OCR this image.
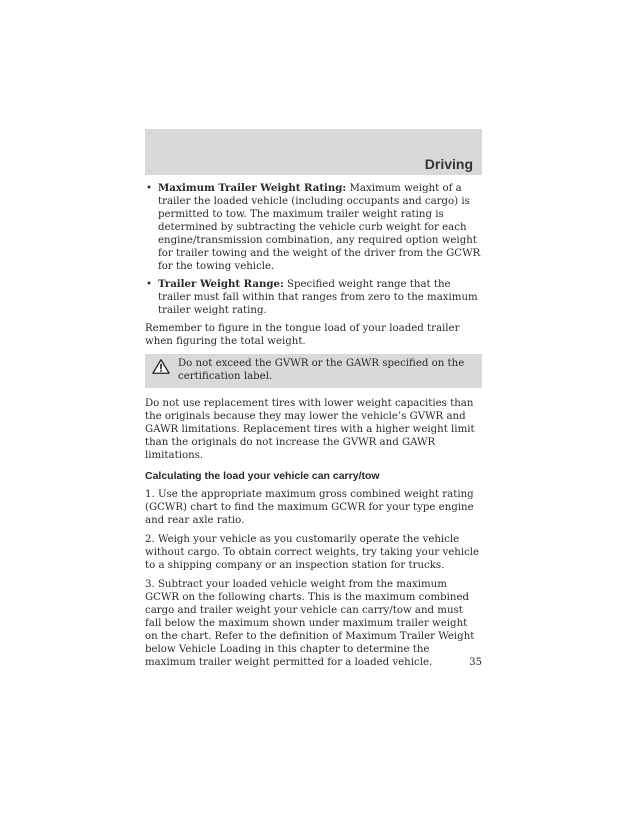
Driving
• Maximum Trailer Weight Rating: Maximum weight of a trailer the loaded vehicle (including occupants and cargo) is permitted to tow. The maximum trailer weight rating is determined by subtracting the vehicle curb weight for each engine/transmission combination, any required option weight for trailer towing and the weight of the driver from the GCWR for the towing vehicle.
• Trailer Weight Range: Specified weight range that the trailer must fall within that ranges from zero to the maximum trailer weight rating.

Remember to figure in the tongue load of your loaded trailer when figuring the total weight.

Do not exceed the GVWR or the GAWR specified on the certification label.

Do not use replacement tires with lower weight capacities than the originals because they may lower the vehicle’s GVWR and GAWR limitations. Replacement tires with a higher weight limit than the originals do not increase the GVWR and GAWR limitations.

Calculating the load your vehicle can carry/tow

1. Use the appropriate maximum gross combined weight rating (GCWR) chart to find the maximum GCWR for your type engine and rear axle ratio.

2. Weigh your vehicle as you customarily operate the vehicle without cargo. To obtain correct weights, try taking your vehicle to a shipping company or an inspection station for trucks.

3. Subtract your loaded vehicle weight from the maximum GCWR on the following charts. This is the maximum combined cargo and trailer weight your vehicle can carry/tow and must fall below the maximum shown under maximum trailer weight on the chart. Refer to the definition of Maximum Trailer Weight below Vehicle Loading in this chapter to determine the maximum trailer weight permitted for a loaded vehicle.	35
